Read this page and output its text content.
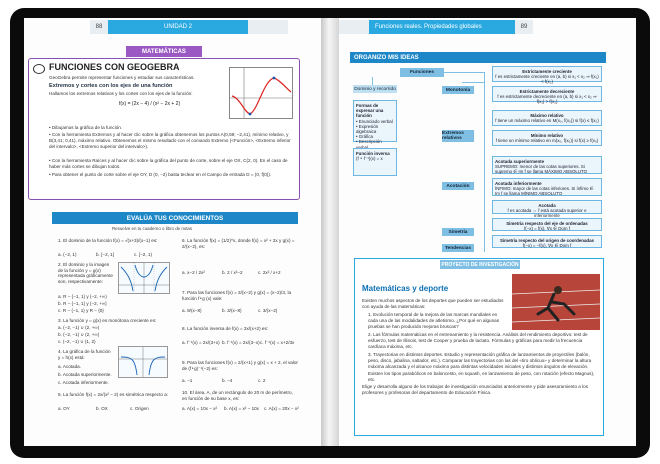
88	UNIDAD 2
MATEMÁTICAS
FUNCIONES CON GEOGEBRA
GeoGebra permite representar funciones y estudiar sus características.
Extremos y cortes con los ejes de una función
Hallamos los extremos relativos y los cortes con los ejes de la función:
f(x) = (2x − 4) / (x² − 2x + 2)
• Dibujamos la gráfica de la función.
• Con la herramienta Extremos y al hacer clic sobre la gráfica obtenemos los puntos A(0,59; −2,41), mínimo relativo, y B(3,41; 0,41), máximo relativo. Obtenemos el mismo resultado con el comando Extremo (<Función>, <Extremo inferior del intervalo>, <Extremo superior del intervalo>).
• Con la herramienta Raíces y al hacer clic sobre la gráfica del punto de corte, sobre el eje OX, C(2, 0). En el caso de haber más cortes se dibujan todos.
• Para obtener el punto de corte sobre el eje OY, D (0, −2) basta teclear en el Campo de entrada D = (0, f(0)).
EVALÚA TUS CONOCIMIENTOS
Resuelve en tu cuaderno o libro de notas
1. El dominio de la función f(x) = √(x+3)/(x−1) es:
a. (−2, 1)	b. [−2, 1]	c. [−2, 1)
2. El dominio y la imagen de la función y = g(x) representada gráficamente son, respectivamente:
a. R − {−1, 1} y (−2, +∞)
b. R − {−1, 1} y (−2, +∞]
c. R − {−1, 1} y R − {0}
3. La función y = g(x) es monótona creciente en:
a. (−2, −1) ∪ (2, +∞)
b. (−2, −1) ∪ (2, +∞)
c. (−2, −1) ∪ (1, 2)
4. La gráfica de la función y = h(x) está:
a. Acotada.
b. Acotada superiormente.
c. Acotada inferiormente.
5. La función f(x) = 2x/(x² − 2) es simétrica respecto a:
a. OY	b. OX	c. Origen
6. La función f(x) = (1/2)^x, donde f(x) = x² + 2x y g(x) = 2/(x−2), es:
a. x−2 / 2x²	b. 2 / x²−2	c. 2x² / x+2
7. Para las funciones f(x) = 3/(x−2) y g(x) = (x−2)/3, la función f∘g (x) vale:
a. 9/(x−8)	b. 3/(x−8)	c. 3/(x−2)
8. La función inversa de f(x) = 3x/(x+2) es:
a. f⁻¹(x) = 2x/(3+x) b. f⁻¹(x) = 2x/(3−x) c. f⁻¹(x) = x+2/3x
9. Para las funciones f(x) = 2/(x+1) y g(x) = x + 2, el valor de (f∘g)⁻¹(−2) es:
a. −1	b. −4	c. 2
10. El área, A, de un rectángulo de 20 m de perímetro, en función de su base x, es:
a. A(x) = 10x − x²	b. A(x) = x² − 10x	c. A(x) = 20x − x²
Funciones reales. Propiedades globales	89
ORGANIZO MIS IDEAS
Funciones
Dominio y recorrido
Formas de expresar una función
• Enunciado verbal
• Expresión algebraica
• Gráfica
• Descripción
Función inversa
(f ∘ f⁻¹)(x) = x
Monotonía
Extremos relativos
Acotación
Simetría
Tendencias
Estrictamente creciente
f es estrictamente creciente en (a, b) si x₁ < x₂ ⇒ f(x₁) < f(x₂)
Estrictamente decreciente
f es estrictamente decreciente en (a, b) si x₁ < x₂ ⇒ f(x₁) > f(x₂)
Máximo relativo
f tiene un máximo relativo en M(x₀, f(x₀)) si f(x) ≤ f(x₀)
Mínimo relativo
f tiene un mínimo relativo en m(x₀, f(x₀)) si f(x) ≥ f(x₀)
Acotada superiormente
SUPREMO: menor de las cotas superiores. Si supremo ∈ Im f se llama MÁXIMO ABSOLUTO
Acotada inferiormente
ÍNFIMO: mayor de las cotas inferiores. Si ínfimo ∈ Im f se llama MÍNIMO ABSOLUTO
Acotada
f es acotada ⇔ f está acotada superior e inferiormente
Simetría respecto del eje de ordenadas
f(−x) = f(x), ∀x ∈ Dom f
Simetría respecto del origen de coordenadas
f(−x) = −f(x), ∀x ∈ Dom f
PROYECTO DE INVESTIGACIÓN
Matemáticas y deporte
Existen muchos aspectos de los deportes que pueden ser estudiados con ayuda de las matemáticas:
1. Evolución temporal de la mejora de las marcas mundiales en cada una de las modalidades de atletismo. ¿Por qué en algunas pruebas se han producido mejoras bruscas?
2. Las fórmulas matemáticas en el entrenamiento y la resistencia. Análisis del rendimiento deportivo: test de esfuerzo, test de Illinois, test de Cooper y prueba de lactato. Fórmulas y gráficas para medir la frecuencia cardíaca máxima, etc.
3. Trayectorias en distintos deportes. Estudio y representación gráfica de lanzamientos de proyectiles (balón, peso, disco, jabalina, saltador, etc.). Comparar las trayectorias con las del «tiro oblicuo» y determinar la altura máxima alcanzada y el alcance máximo para distintas velocidades iniciales y distintos ángulos de elevación. Existen los tipos parabólicos en baloncesto, en squash, en lanzamiento de peso, con rotación (efecto Magnus), etc.
Elige y desarrolla alguno de los trabajos de investigación enunciados anteriormente y pide asesoramiento a los profesores y profesoras del departamento de Educación Física.
